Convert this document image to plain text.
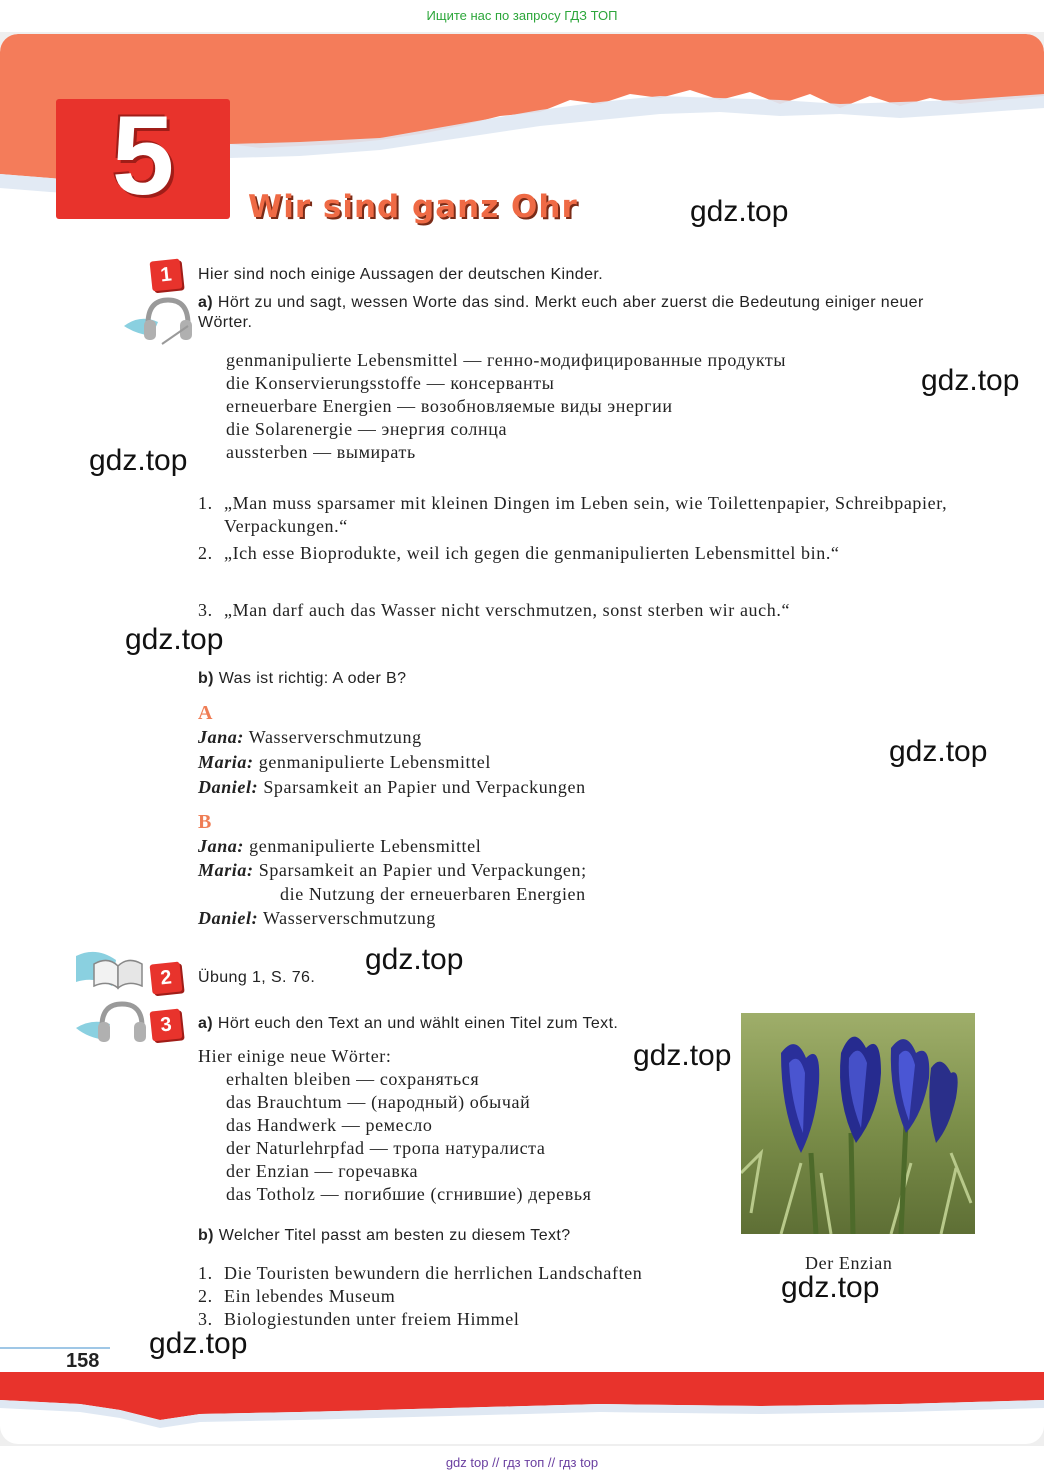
Ищите нас по запросу ГДЗ ТОП
5	Wir sind ganz Ohr
158
1	Hier sind noch einige Aussagen der deutschen Kinder.
a) Hört zu und sagt, wessen Worte das sind. Merkt euch aber zuerst die Bedeutung einiger neuer Wörter.
genmanipulierte Lebensmittel — генно-модифицированные продукты
die Konservierungsstoffe — консерванты
erneuerbare Energien — возобновляемые виды энергии
die Solarenergie — энергия солнца
aussterben — вымирать
1. „Man muss sparsamer mit kleinen Dingen im Leben sein, wie Toilettenpapier, Schreibpapier, Verpackungen.“
2. „Ich esse Bioprodukte, weil ich gegen die genmanipulierten Lebensmittel bin.“
3. „Man darf auch das Wasser nicht verschmutzen, sonst sterben wir auch.“
b) Was ist richtig: A oder B?
A
Jana: Wasserverschmutzung
Maria: genmanipulierte Lebensmittel
Daniel: Sparsamkeit an Papier und Verpackungen
B
Jana: genmanipulierte Lebensmittel
Maria: Sparsamkeit an Papier und Verpackungen;
die Nutzung der erneuerbaren Energien
Daniel: Wasserverschmutzung
2	Übung 1, S. 76.
3	a) Hört euch den Text an und wählt einen Titel zum Text.
Hier einige neue Wörter:
erhalten bleiben — сохраняться
das Brauchtum — (народный) обычай
das Handwerk — ремесло
der Naturlehrpfad — тропа натуралиста
der Enzian — горечавка
das Totholz — погибшие (сгнившие) деревья
b) Welcher Titel passt am besten zu diesem Text?
1. Die Touristen bewundern die herrlichen Landschaften
2. Ein lebendes Museum
3. Biologiestunden unter freiem Himmel
Der Enzian
gdz.top
gdz.top
gdz.top
gdz.top
gdz.top
gdz.top
gdz.top
gdz.top
gdz.top
gdz top // гдз топ // гдз top
